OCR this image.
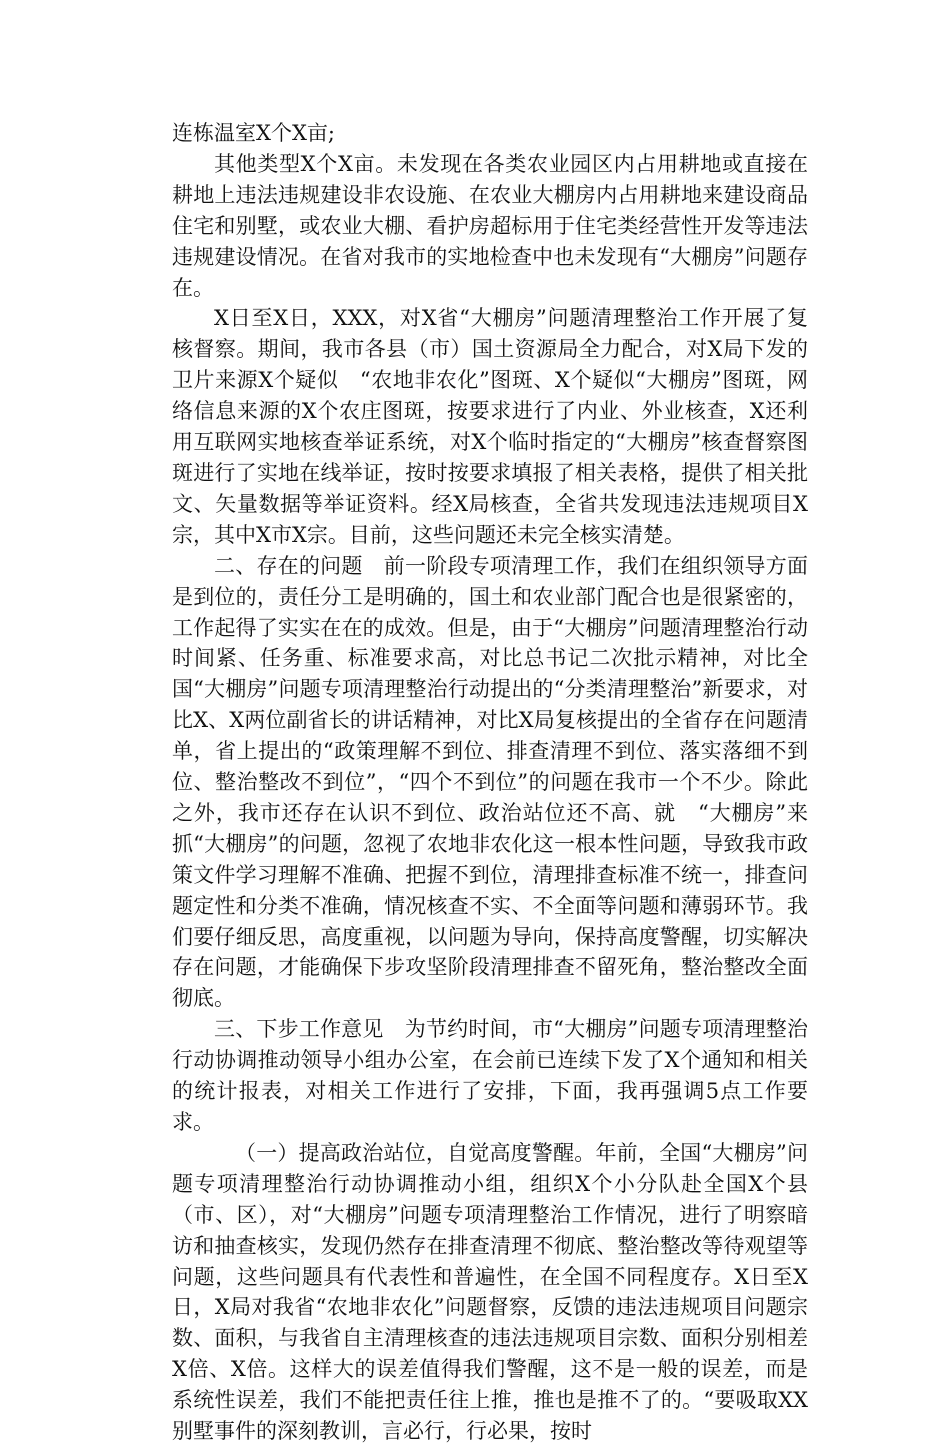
连栋温室X个X亩;

其他类型X个X亩。未发现在各类农业园区内占用耕地或直接在耕地上违法违规建设非农设施、在农业大棚房内占用耕地来建设商品住宅和别墅，或农业大棚、看护房超标用于住宅类经营性开发等违法违规建设情况。在省对我市的实地检查中也未发现有“大棚房”问题存在。

X日至X日，XXX，对X省“大棚房”问题清理整治工作开展了复核督察。期间，我市各县（市）国土资源局全力配合，对X局下发的卫片来源X个疑似　“农地非农化”图斑、X个疑似“大棚房”图斑，网络信息来源的X个农庄图斑，按要求进行了内业、外业核查，X还利用互联网实地核查举证系统，对X个临时指定的“大棚房”核查督察图斑进行了实地在线举证，按时按要求填报了相关表格，提供了相关批文、矢量数据等举证资料。经X局核查，全省共发现违法违规项目X宗，其中X市X宗。目前，这些问题还未完全核实清楚。

二、存在的问题　前一阶段专项清理工作，我们在组织领导方面是到位的，责任分工是明确的，国土和农业部门配合也是很紧密的，工作起得了实实在在的成效。但是，由于“大棚房”问题清理整治行动时间紧、任务重、标准要求高，对比总书记二次批示精神，对比全国“大棚房”问题专项清理整治行动提出的“分类清理整治”新要求，对比X、X两位副省长的讲话精神，对比X局复核提出的全省存在问题清单，省上提出的“政策理解不到位、排查清理不到位、落实落细不到位、整治整改不到位”，“四个不到位”的问题在我市一个不少。除此之外，我市还存在认识不到位、政治站位还不高、就　“大棚房”来抓“大棚房”的问题，忽视了农地非农化这一根本性问题，导致我市政策文件学习理解不准确、把握不到位，清理排查标准不统一，排查问题定性和分类不准确，情况核查不实、不全面等问题和薄弱环节。我们要仔细反思，高度重视，以问题为导向，保持高度警醒，切实解决存在问题，才能确保下步攻坚阶段清理排查不留死角，整治整改全面彻底。

三、下步工作意见　为节约时间，市“大棚房”问题专项清理整治行动协调推动领导小组办公室，在会前已连续下发了X个通知和相关的统计报表，对相关工作进行了安排，下面，我再强调5点工作要求。

（一）提高政治站位，自觉高度警醒。年前，全国“大棚房”问题专项清理整治行动协调推动小组，组织X个小分队赴全国X个县（市、区），对“大棚房”问题专项清理整治工作情况，进行了明察暗访和抽查核实，发现仍然存在排查清理不彻底、整治整改等待观望等问题，这些问题具有代表性和普遍性，在全国不同程度存。X日至X日，X局对我省“农地非农化”问题督察，反馈的违法违规项目问题宗数、面积，与我省自主清理核查的违法违规项目宗数、面积分别相差X倍、X倍。这样大的误差值得我们警醒，这不是一般的误差，而是系统性误差，我们不能把责任往上推，推也是推不了的。“要吸取XX别墅事件的深刻教训，言必行，行必果，按时
